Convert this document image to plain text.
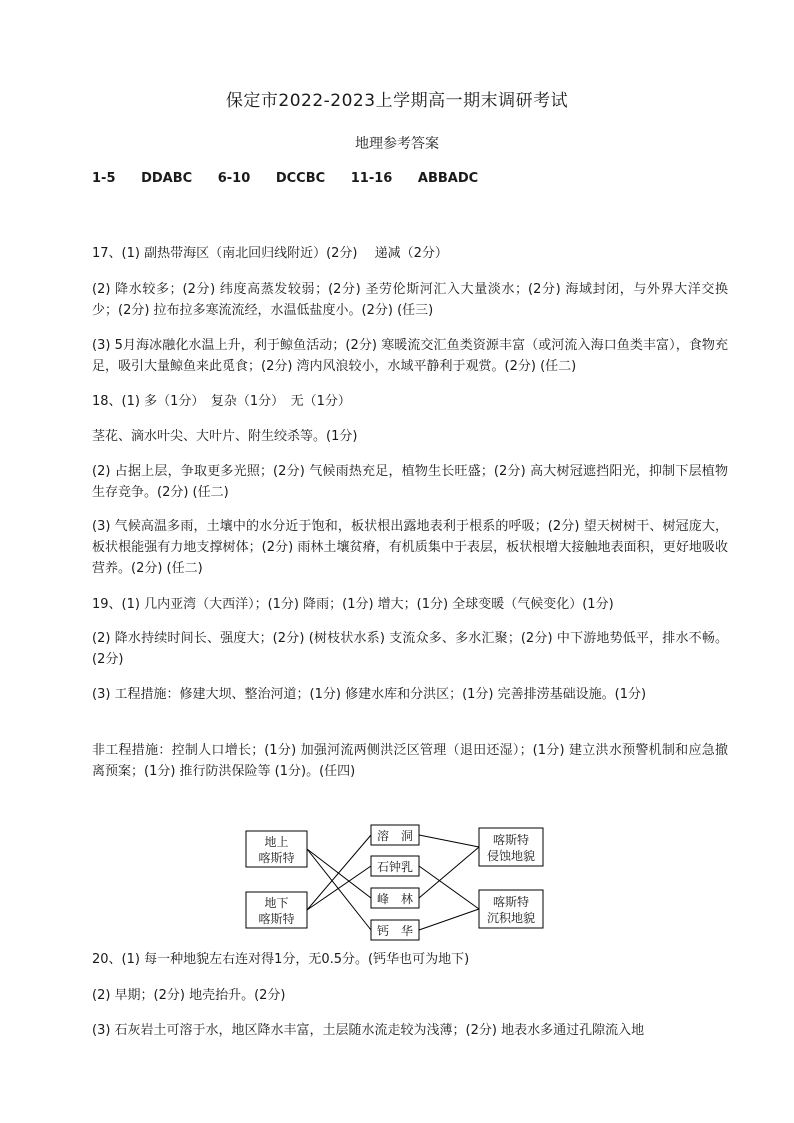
保定市2022-2023上学期高一期末调研考试
地理参考答案
1-5   DDABC   6-10   DCCBC   11-16   ABBADC

17、(1) 副热带海区（南北回归线附近）(2分)　 递减（2分）

(2) 降水较多；(2分) 纬度高蒸发较弱；(2分) 圣劳伦斯河汇入大量淡水；(2分) 海域封闭，与外界大洋交换少；(2分) 拉布拉多寒流流经，水温低盐度小。(2分) (任三)

(3) 5月海冰融化水温上升，利于鲸鱼活动；(2分) 寒暖流交汇鱼类资源丰富（或河流入海口鱼类丰富），食物充足，吸引大量鲸鱼来此觅食；(2分) 湾内风浪较小，水域平静利于观赏。(2分) (任二)

18、(1) 多（1分）　复杂（1分）　无（1分）

茎花、滴水叶尖、大叶片、附生绞杀等。(1分)

(2) 占据上层，争取更多光照；(2分) 气候雨热充足，植物生长旺盛；(2分) 高大树冠遮挡阳光，抑制下层植物生存竞争。(2分) (任二)

(3) 气候高温多雨，土壤中的水分近于饱和，板状根出露地表利于根系的呼吸；(2分) 望天树树干、树冠庞大，板状根能强有力地支撑树体；(2分) 雨林土壤贫瘠，有机质集中于表层，板状根增大接触地表面积，更好地吸收营养。(2分) (任二)

19、(1) 几内亚湾（大西洋）；(1分) 降雨；(1分) 增大；(1分) 全球变暖（气候变化）(1分)

(2) 降水持续时间长、强度大；(2分) (树枝状水系) 支流众多、多水汇聚；(2分) 中下游地势低平，排水不畅。(2分)

(3) 工程措施：修建大坝、整治河道；(1分) 修建水库和分洪区；(1分) 完善排涝基础设施。(1分)

非工程措施：控制人口增长；(1分) 加强河流两侧洪泛区管理（退田还湿）；(1分) 建立洪水预警机制和应急撤离预案；(1分) 推行防洪保险等 (1分)。(任四)

地上
喀斯特
地下
喀斯特
溶　洞
石钟乳
峰　林
钙　华
喀斯特
侵蚀地貌
喀斯特
沉积地貌

20、(1) 每一种地貌左右连对得1分，无0.5分。(钙华也可为地下)

(2) 早期；(2分) 地壳抬升。(2分)

(3) 石灰岩土可溶于水，地区降水丰富，土层随水流走较为浅薄；(2分) 地表水多通过孔隙流入地
